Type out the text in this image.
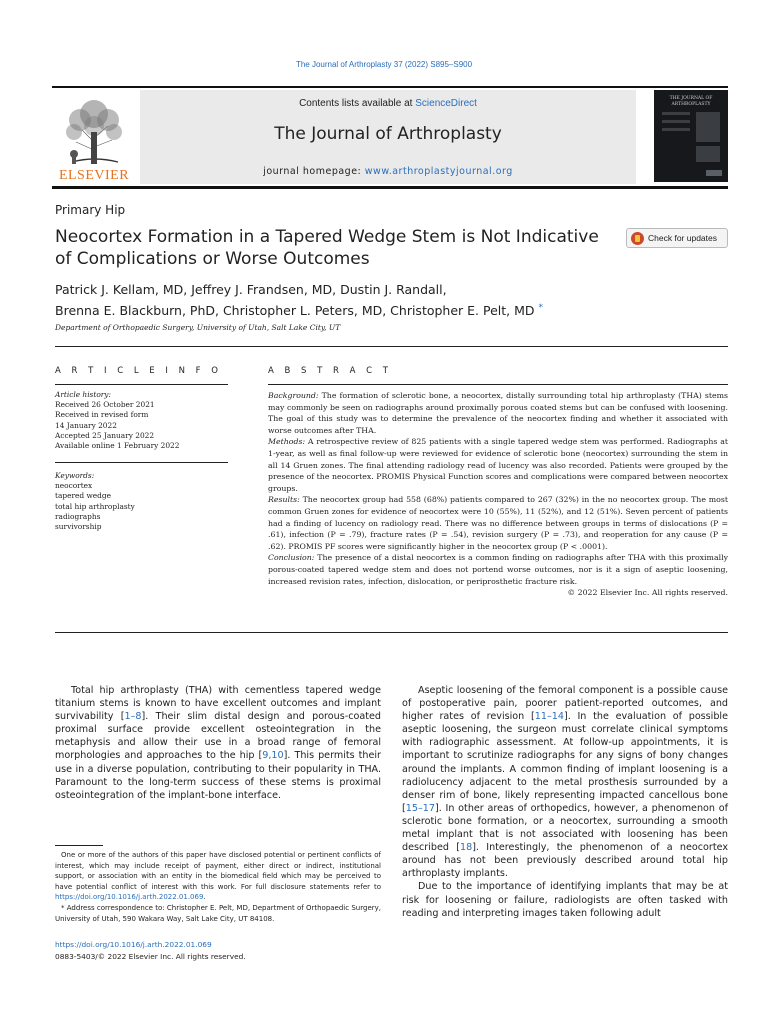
The Journal of Arthroplasty 37 (2022) S895–S900
ELSEVIER
Contents lists available at ScienceDirect
The Journal of Arthroplasty
journal homepage: www.arthroplastyjournal.org
THE JOURNAL OF ARTHROPLASTY
Primary Hip
Neocortex Formation in a Tapered Wedge Stem is Not Indicative of Complications or Worse Outcomes
Check for updates
Patrick J. Kellam, MD, Jeffrey J. Frandsen, MD, Dustin J. Randall,
Brenna E. Blackburn, PhD, Christopher L. Peters, MD, Christopher E. Pelt, MD *
Department of Orthopaedic Surgery, University of Utah, Salt Lake City, UT
A R T I C L E I N F O	A B S T R A C T
Article history:
Received 26 October 2021
Received in revised form
14 January 2022
Accepted 25 January 2022
Available online 1 February 2022
Keywords:
neocortex
tapered wedge
total hip arthroplasty
radiographs
survivorship

Background: The formation of sclerotic bone, a neocortex, distally surrounding total hip arthroplasty (THA) stems may commonly be seen on radiographs around proximally porous coated stems but can be confused with loosening. The goal of this study was to determine the prevalence of the neocortex finding and whether it associated with worse outcomes after THA.

Methods: A retrospective review of 825 patients with a single tapered wedge stem was performed. Radiographs at 1-year, as well as final follow-up were reviewed for evidence of sclerotic bone (neocortex) surrounding the stem in all 14 Gruen zones. The final attending radiology read of lucency was also recorded. Patients were grouped by the presence of the neocortex. PROMIS Physical Function scores and complications were compared between neocortex groups.

Results: The neocortex group had 558 (68%) patients compared to 267 (32%) in the no neocortex group. The most common Gruen zones for evidence of neocortex were 10 (55%), 11 (52%), and 12 (51%). Seven percent of patients had a finding of lucency on radiology read. There was no difference between groups in terms of dislocations (P = .61), infection (P = .79), fracture rates (P = .54), revision surgery (P = .73), and reoperation for any cause (P = .62). PROMIS PF scores were significantly higher in the neocortex group (P < .0001).

Conclusion: The presence of a distal neocortex is a common finding on radiographs after THA with this proximally porous-coated tapered wedge stem and does not portend worse outcomes, nor is it a sign of aseptic loosening, increased revision rates, infection, dislocation, or periprosthetic fracture risk.

© 2022 Elsevier Inc. All rights reserved.

Total hip arthroplasty (THA) with cementless tapered wedge titanium stems is known to have excellent outcomes and implant survivability [1–8]. Their slim distal design and porous-coated proximal surface provide excellent osteointegration in the metaphysis and allow their use in a broad range of femoral morphologies and approaches to the hip [9,10]. This permits their use in a diverse population, contributing to their popularity in THA. Paramount to the long-term success of these stems is proximal osteointegration of the implant-bone interface.

Aseptic loosening of the femoral component is a possible cause of postoperative pain, poorer patient-reported outcomes, and higher rates of revision [11–14]. In the evaluation of possible aseptic loosening, the surgeon must correlate clinical symptoms with radiographic assessment. At follow-up appointments, it is important to scrutinize radiographs for any signs of bony changes around the implants. A common finding of implant loosening is a radiolucency adjacent to the metal prosthesis surrounded by a denser rim of bone, likely representing impacted cancellous bone [15–17]. In other areas of orthopedics, however, a phenomenon of sclerotic bone formation, or a neocortex, surrounding a smooth metal implant that is not associated with loosening has been described [18]. Interestingly, the phenomenon of a neocortex around has not been previously described around total hip arthroplasty implants.

Due to the importance of identifying implants that may be at risk for loosening or failure, radiologists are often tasked with reading and interpreting images taken following adult

One or more of the authors of this paper have disclosed potential or pertinent conflicts of interest, which may include receipt of payment, either direct or indirect, institutional support, or association with an entity in the biomedical field which may be perceived to have potential conflict of interest with this work. For full disclosure statements refer to https://doi.org/10.1016/j.arth.2022.01.069.

* Address correspondence to: Christopher E. Pelt, MD, Department of Orthopaedic Surgery, University of Utah, 590 Wakara Way, Salt Lake City, UT 84108.

https://doi.org/10.1016/j.arth.2022.01.069
0883-5403/© 2022 Elsevier Inc. All rights reserved.
